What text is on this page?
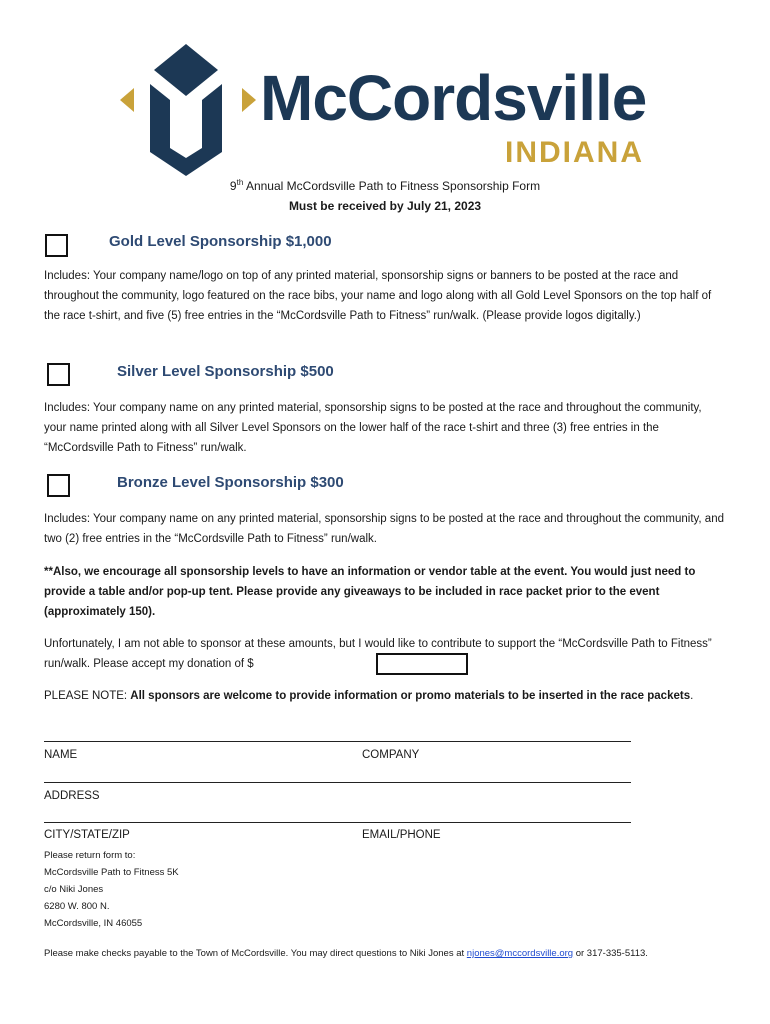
McCordsville
INDIANA
9th Annual McCordsville Path to Fitness Sponsorship Form
Must be received by July 21, 2023
Gold Level Sponsorship $1,000
Includes: Your company name/logo on top of any printed material, sponsorship signs or banners to be posted at the race and throughout the community, logo featured on the race bibs, your name and logo along with all Gold Level Sponsors on the top half of the race t-shirt, and five (5) free entries in the “McCordsville Path to Fitness” run/walk. (Please provide logos digitally.)
Silver Level Sponsorship $500
Includes: Your company name on any printed material, sponsorship signs to be posted at the race and throughout the community, your name printed along with all Silver Level Sponsors on the lower half of the race t-shirt and three (3) free entries in the “McCordsville Path to Fitness” run/walk.
Bronze Level Sponsorship $300
Includes: Your company name on any printed material, sponsorship signs to be posted at the race and throughout the community, and two (2) free entries in the “McCordsville Path to Fitness” run/walk.
**Also, we encourage all sponsorship levels to have an information or vendor table at the event. You would just need to provide a table and/or pop-up tent. Please provide any giveaways to be included in race packet prior to the event (approximately 150).
Unfortunately, I am not able to sponsor at these amounts, but I would like to contribute to support the “McCordsville Path to Fitness” run/walk. Please accept my donation of $
PLEASE NOTE: All sponsors are welcome to provide information or promo materials to be inserted in the race packets.
NAME	COMPANY
ADDRESS
CITY/STATE/ZIP	EMAIL/PHONE
Please return form to:
McCordsville Path to Fitness 5K
c/o Niki Jones
6280 W. 800 N.
McCordsville, IN 46055
Please make checks payable to the Town of McCordsville. You may direct questions to Niki Jones at njones@mccordsville.org or 317-335-5113.
